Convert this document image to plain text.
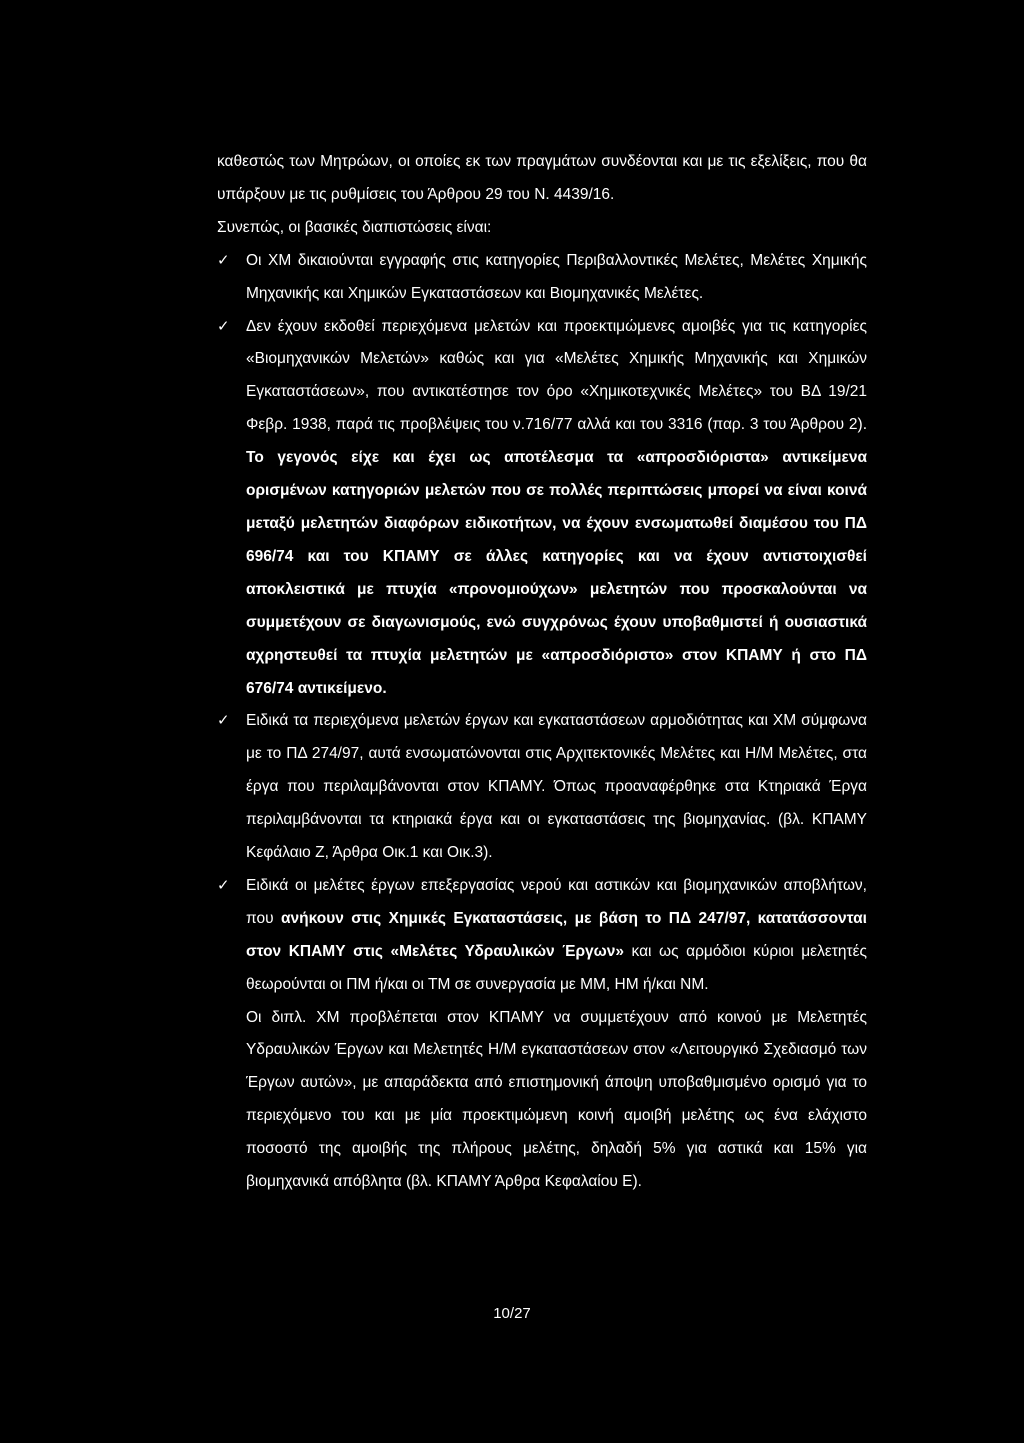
καθεστώς των Μητρώων, οι οποίες εκ των πραγμάτων συνδέονται και με τις εξελίξεις, που θα υπάρξουν με τις ρυθμίσεις του Άρθρου 29 του Ν. 4439/16.

Συνεπώς, οι βασικές διαπιστώσεις είναι:

✓	Οι ΧΜ δικαιούνται εγγραφής στις κατηγορίες Περιβαλλοντικές Μελέτες, Μελέτες Χημικής Μηχανικής και Χημικών Εγκαταστάσεων και Βιομηχανικές Μελέτες.
✓	Δεν έχουν εκδοθεί περιεχόμενα μελετών και προεκτιμώμενες αμοιβές για τις κατηγορίες «Βιομηχανικών Μελετών» καθώς και για «Μελέτες Χημικής Μηχανικής και Χημικών Εγκαταστάσεων», που αντικατέστησε τον όρο «Χημικοτεχνικές Μελέτες» του ΒΔ 19/21 Φεβρ. 1938, παρά τις προβλέψεις του ν.716/77 αλλά και του 3316 (παρ. 3 του Άρθρου 2). Το γεγονός είχε και έχει ως αποτέλεσμα τα «απροσδιόριστα» αντικείμενα ορισμένων κατηγοριών μελετών που σε πολλές περιπτώσεις μπορεί να είναι κοινά μεταξύ μελετητών διαφόρων ειδικοτήτων, να έχουν ενσωματωθεί διαμέσου του ΠΔ 696/74 και του ΚΠΑΜΥ σε άλλες κατηγορίες και να έχουν αντιστοιχισθεί αποκλειστικά με πτυχία «προνομιούχων» μελετητών που προσκαλούνται να συμμετέχουν σε διαγωνισμούς, ενώ συγχρόνως έχουν υποβαθμιστεί ή ουσιαστικά αχρηστευθεί τα πτυχία μελετητών με «απροσδιόριστο» στον ΚΠΑΜΥ ή στο ΠΔ 676/74 αντικείμενο.
✓	Ειδικά τα περιεχόμενα μελετών έργων και εγκαταστάσεων αρμοδιότητας και ΧΜ σύμφωνα με το ΠΔ 274/97, αυτά ενσωματώνονται στις Αρχιτεκτονικές Μελέτες και Η/Μ Μελέτες, στα έργα που περιλαμβάνονται στον ΚΠΑΜΥ. Όπως προαναφέρθηκε στα Κτηριακά Έργα περιλαμβάνονται τα κτηριακά έργα και οι εγκαταστάσεις της βιομηχανίας. (βλ. ΚΠΑΜΥ Κεφάλαιο Ζ, Άρθρα Οικ.1 και Οικ.3).
✓	Ειδικά οι μελέτες έργων επεξεργασίας νερού και αστικών και βιομηχανικών αποβλήτων, που ανήκουν στις Χημικές Εγκαταστάσεις, με βάση το ΠΔ 247/97, κατατάσσονται στον ΚΠΑΜΥ στις «Μελέτες Υδραυλικών Έργων» και ως αρμόδιοι κύριοι μελετητές θεωρούνται οι ΠΜ ή/και οι ΤΜ σε συνεργασία με ΜΜ, ΗΜ ή/και ΝΜ.

Οι διπλ. ΧΜ προβλέπεται στον ΚΠΑΜΥ να συμμετέχουν από κοινού με Μελετητές Υδραυλικών Έργων και Μελετητές Η/Μ εγκαταστάσεων στον «Λειτουργικό Σχεδιασμό των Έργων αυτών», με απαράδεκτα από επιστημονική άποψη υποβαθμισμένο ορισμό για το περιεχόμενο του και με μία προεκτιμώμενη κοινή αμοιβή μελέτης ως ένα ελάχιστο ποσοστό της αμοιβής της πλήρους μελέτης, δηλαδή 5% για αστικά και 15% για βιομηχανικά απόβλητα (βλ. ΚΠΑΜΥ Άρθρα Κεφαλαίου Ε).

10/27
